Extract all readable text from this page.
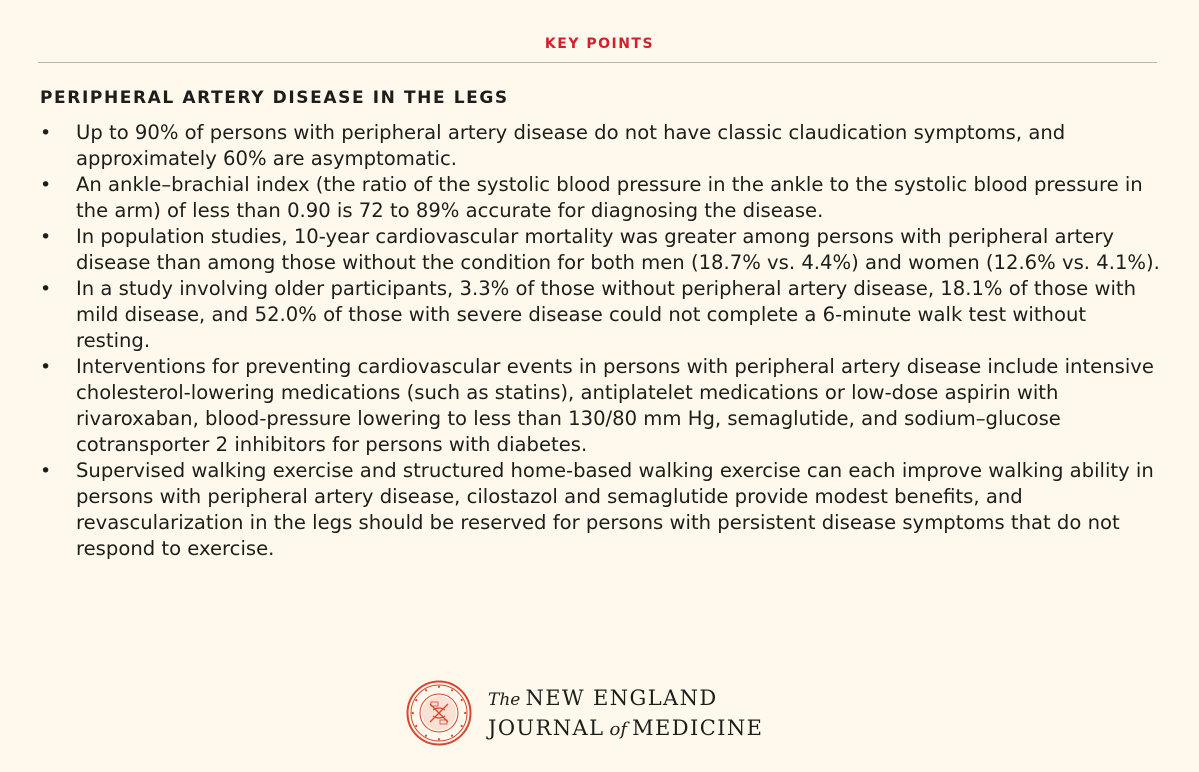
KEY POINTS
PERIPHERAL ARTERY DISEASE IN THE LEGS
• Up to 90% of persons with peripheral artery disease do not have classic claudication symptoms, and approximately 60% are asymptomatic.
• An ankle–brachial index (the ratio of the systolic blood pressure in the ankle to the systolic blood pressure in the arm) of less than 0.90 is 72 to 89% accurate for diagnosing the disease.
• In population studies, 10-year cardiovascular mortality was greater among persons with peripheral artery disease than among those without the condition for both men (18.7% vs. 4.4%) and women (12.6% vs. 4.1%).
• In a study involving older participants, 3.3% of those without peripheral artery disease, 18.1% of those with mild disease, and 52.0% of those with severe disease could not complete a 6-minute walk test without resting.
• Interventions for preventing cardiovascular events in persons with peripheral artery disease include intensive cholesterol-lowering medications (such as statins), antiplatelet medications or low-dose aspirin with rivaroxaban, blood-pressure lowering to less than 130/80 mm Hg, semaglutide, and sodium–glucose cotransporter 2 inhibitors for persons with diabetes.
• Supervised walking exercise and structured home-based walking exercise can each improve walking ability in persons with peripheral artery disease, cilostazol and semaglutide provide modest benefits, and revascularization in the legs should be reserved for persons with persistent disease symptoms that do not respond to exercise.
The NEW ENGLAND
JOURNAL of MEDICINE
